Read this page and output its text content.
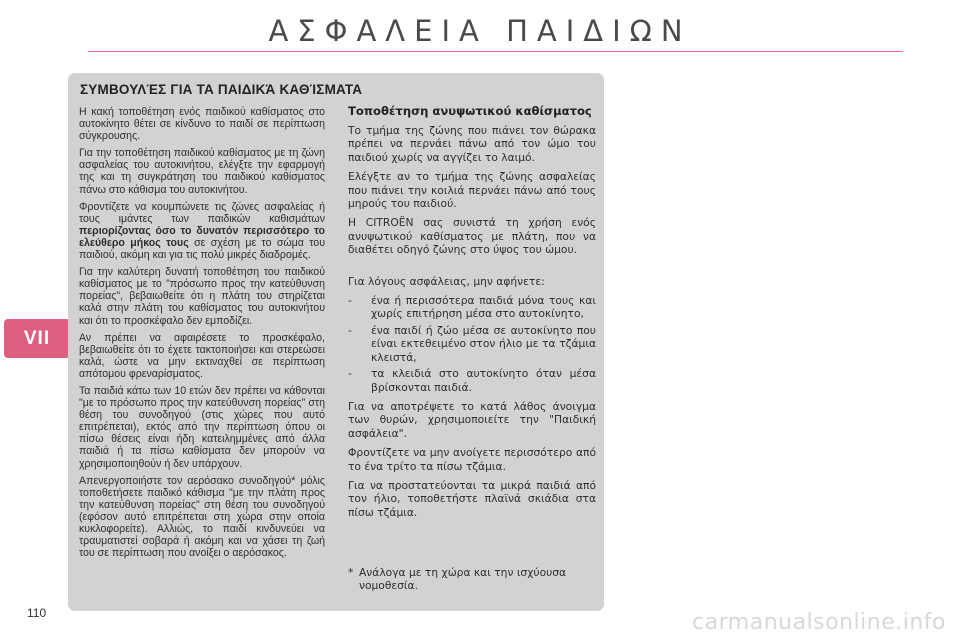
ΑΣΦΑΛΕΙΑ ΠΑΙΔΙΩΝ
VII
110
ΣΥΜΒΟΥΛΈΣ ΓΙΑ ΤΑ ΠΑΙΔΙΚΆ ΚΑΘΊΣΜΑΤΑ

Η κακή τοποθέτηση ενός παιδικού καθίσματος στο αυτοκίνητο θέτει σε κίνδυνο το παιδί σε περίπτωση σύγκρουσης.

Για την τοποθέτηση παιδικού καθίσματος με τη ζώνη ασφαλείας του αυτοκινήτου, ελέγξτε την εφαρμογή της και τη συγκράτηση του παιδικού καθίσματος πάνω στο κάθισμα του αυτοκινήτου.

Φροντίζετε να κουμπώνετε τις ζώνες ασφαλείας ή τους ιμάντες των παιδικών καθισμάτων περιορίζοντας όσο το δυνατόν περισσότερο το ελεύθερο μήκος τους σε σχέση με το σώμα του παιδιού, ακόμη και για τις πολύ μικρές διαδρομές.

Για την καλύτερη δυνατή τοποθέτηση του παιδικού καθίσματος με το "πρόσωπο προς την κατεύθυνση πορείας", βεβαιωθείτε ότι η πλάτη του στηρίζεται καλά στην πλάτη του καθίσματος του αυτοκινήτου και ότι το προσκέφαλο δεν εμποδίζει.

Αν πρέπει να αφαιρέσετε το προσκέφαλο, βεβαιωθείτε ότι το έχετε τακτοποιήσει και στερεώσει καλά, ώστε να μην εκτιναχθεί σε περίπτωση απότομου φρεναρίσματος.

Τα παιδιά κάτω των 10 ετών δεν πρέπει να κάθονται "με το πρόσωπο προς την κατεύθυνση πορείας" στη θέση του συνοδηγού (στις χώρες που αυτό επιτρέπεται), εκτός από την περίπτωση όπου οι πίσω θέσεις είναι ήδη κατειλημμένες από άλλα παιδιά ή τα πίσω καθίσματα δεν μπορούν να χρησιμοποιηθούν ή δεν υπάρχουν.

Απενεργοποιήστε τον αερόσακο συνοδηγού* μόλις τοποθετήσετε παιδικό κάθισμα "με την πλάτη προς την κατεύθυνση πορείας" στη θέση του συνοδηγού (εφόσον αυτό επιτρέπεται στη χώρα στην οποία κυκλοφορείτε). Αλλιώς, το παιδί κινδυνεύει να τραυματιστεί σοβαρά ή ακόμη και να χάσει τη ζωή του σε περίπτωση που ανοίξει ο αερόσακος.

Τοποθέτηση ανυψωτικού καθίσματος

Το τμήμα της ζώνης που πιάνει τον θώρακα πρέπει να περνάει πάνω από τον ώμο του παιδιού χωρίς να αγγίζει το λαιμό.

Ελέγξτε αν το τμήμα της ζώνης ασφαλείας που πιάνει την κοιλιά περνάει πάνω από τους μηρούς του παιδιού.

Η CITROËN σας συνιστά τη χρήση ενός ανυψωτικού καθίσματος με πλάτη, που να διαθέτει οδηγό ζώνης στο ύψος του ώμου.

Για λόγους ασφάλειας, μην αφήνετε:

-	ένα ή περισσότερα παιδιά μόνα τους και χωρίς επιτήρηση μέσα στο αυτοκίνητο,
-	ένα παιδί ή ζώο μέσα σε αυτοκίνητο που είναι εκτεθειμένο στον ήλιο με τα τζάμια κλειστά,
-	τα κλειδιά στο αυτοκίνητο όταν μέσα βρίσκονται παιδιά.

Για να αποτρέψετε το κατά λάθος άνοιγμα των θυρών, χρησιμοποιείτε την "Παιδική ασφάλεια".

Φροντίζετε να μην ανοίγετε περισσότερο από το ένα τρίτο τα πίσω τζάμια.

Για να προστατεύονται τα μικρά παιδιά από τον ήλιο, τοποθετήστε πλαϊνά σκιάδια στα πίσω τζάμια.

* Ανάλογα με τη χώρα και την ισχύουσα νομοθεσία.
carmanualsonline.info
